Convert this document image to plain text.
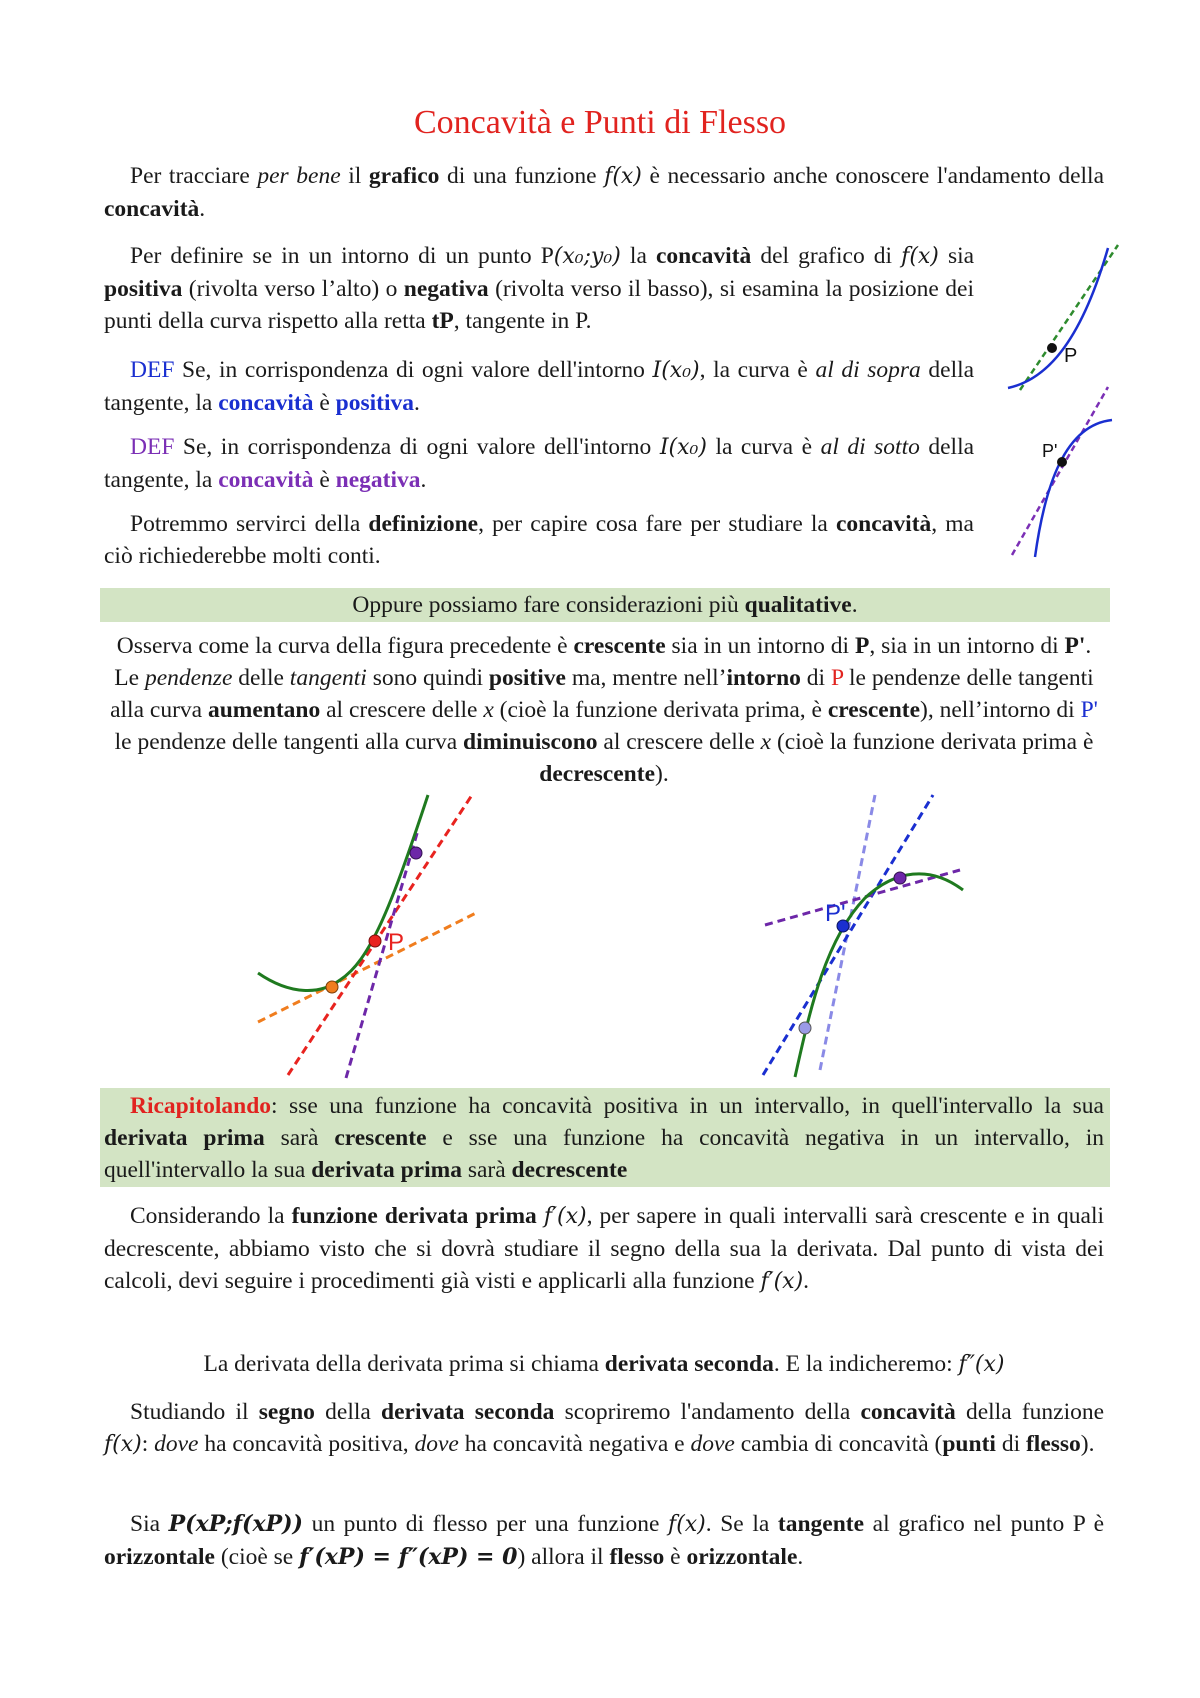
Concavità e Punti di Flesso
Per tracciare per bene il grafico di una funzione f(x) è necessario anche conoscere l'andamento della concavità.
Per definire se in un intorno di un punto P(x₀;y₀) la concavità del grafico di f(x) sia positiva (rivolta verso l’alto) o negativa (rivolta verso il basso), si esamina la posizione dei punti della curva rispetto alla retta tP, tangente in P.
DEF Se, in corrispondenza di ogni valore dell'intorno I(x₀), la curva è al di sopra della tangente, la concavità è positiva.
DEF Se, in corrispondenza di ogni valore dell'intorno I(x₀) la curva è al di sotto della tangente, la concavità è negativa.
Potremmo servirci della definizione, per capire cosa fare per studiare la concavità, ma ciò richiederebbe molti conti.
P
P'
Oppure possiamo fare considerazioni più qualitative.
Osserva come la curva della figura precedente è crescente sia in un intorno di P, sia in un intorno di P'. Le pendenze delle tangenti sono quindi positive ma, mentre nell’intorno di P le pendenze delle tangenti alla curva aumentano al crescere delle x (cioè la funzione derivata prima, è crescente), nell’intorno di P' le pendenze delle tangenti alla curva diminuiscono al crescere delle x (cioè la funzione derivata prima è decrescente).
P
P'
Ricapitolando: sse una funzione ha concavità positiva in un intervallo, in quell'intervallo la sua derivata prima sarà crescente e sse una funzione ha concavità negativa in un intervallo, in quell'intervallo la sua derivata prima sarà decrescente
Considerando la funzione derivata prima f′(x), per sapere in quali intervalli sarà crescente e in quali decrescente, abbiamo visto che si dovrà studiare il segno della sua la derivata. Dal punto di vista dei calcoli, devi seguire i procedimenti già visti e applicarli alla funzione f′(x).
La derivata della derivata prima si chiama derivata seconda. E la indicheremo: f″(x)
Studiando il segno della derivata seconda scopriremo l'andamento della concavità della funzione f(x): dove ha concavità positiva, dove ha concavità negativa e dove cambia di concavità (punti di flesso).
Sia P(xP;f(xP)) un punto di flesso per una funzione f(x). Se la tangente al grafico nel punto P è orizzontale (cioè se f′(xP) = f″(xP) = 0) allora il flesso è orizzontale.
